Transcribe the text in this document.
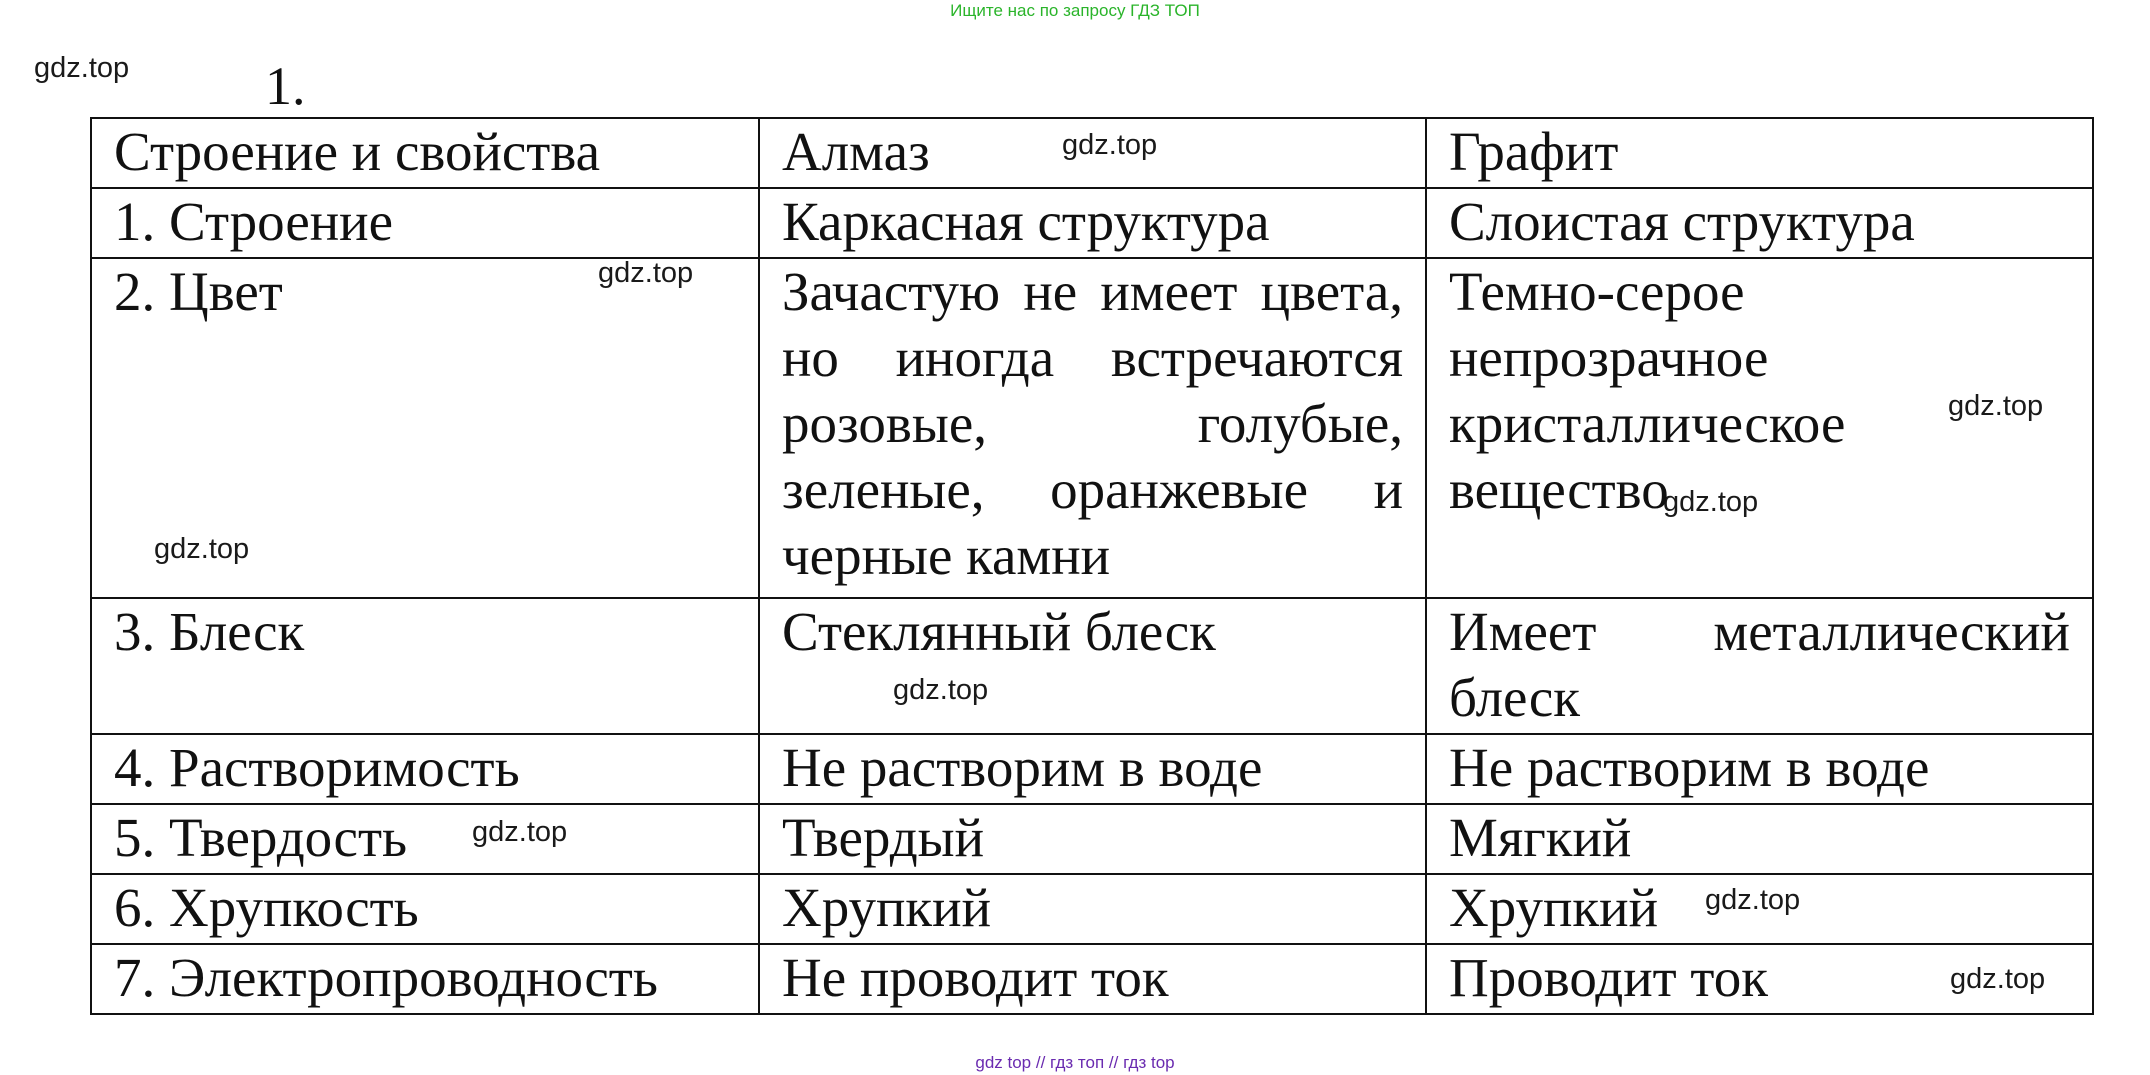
Ищите нас по запросу ГДЗ ТОП
gdz.top
gdz.top
gdz.top
gdz.top
gdz.top
gdz.top
gdz.top
gdz.top
gdz.top
gdz.top
1.
Строение и свойства	Алмаз	Графит
1. Строение	Каркасная структура	Слоистая структура
2. Цвет	Зачастую не имеет цвета, но иногда встречаются розовые, голубые, зеленые, оранжевые и черные камни	Темно-серое непрозрачное кристаллическое вещество
3. Блеск	Стеклянный блеск	Имеет металлический блеск
4. Растворимость	Не растворим в воде	Не растворим в воде
5. Твердость	Твердый	Мягкий
6. Хрупкость	Хрупкий	Хрупкий
7. Электропроводность	Не проводит ток	Проводит ток
gdz top // гдз топ // гдз top
